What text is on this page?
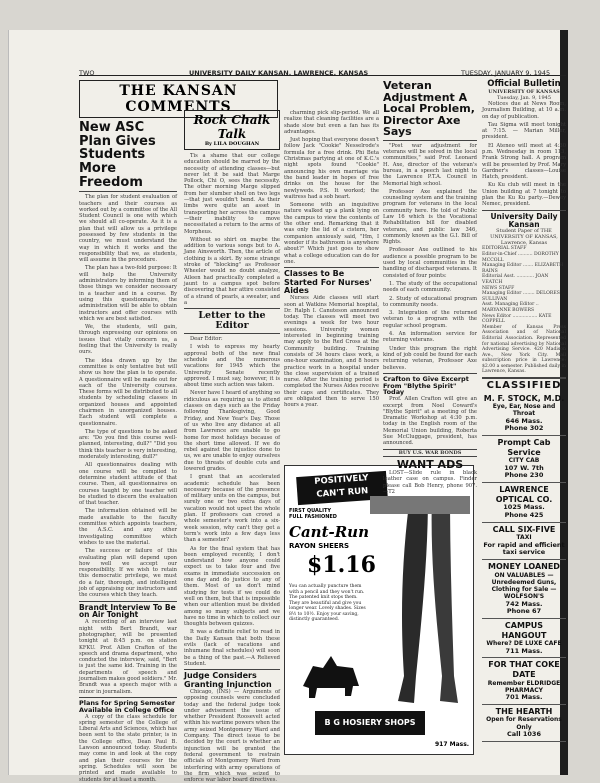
TWO	UNIVERSITY DAILY KANSAN, LAWRENCE, KANSAS	TUESDAY, JANUARY 9, 1945
THE KANSAN COMMENTS
New ASC Plan Gives Students More Freedom

The plan for student evaluation of teachers and their courses as worked out by a committee of the All Student Council is one with which we should all co-operate. As it is a plan that will allow us a privilege possessed by few students in the country, we must understand the way in which it works and the responsibility that we, as students, will assume in the procedure.

The plan has a two-fold purpose: It will help the University administrators by informing them of those things we consider necessary in a teacher and in a course. By using this questionnaire, the administration will be able to obtain instructors and offer courses with which we are best satisfied.

We, the students, will gain, through expressing our opinions on issues that vitally concern us, a feeling that the University is really ours.

The idea drawn up by the committee is only tentative but will show us how the plan is to operate. A questionnaire will be made out for each of the University courses. These forms will be distributed to all students by scheduling classes in organized houses and appointed chairmen in unorganized houses. Each student will complete a questionnaire.

The type of questions to be asked are: "Do you find this course well-planned, interesting, dull?" "Did you think this teacher is very interesting, moderately interesting, dull?"

All questionnaires dealing with one course will be compiled to determine student attitude of that course. Then, all questionnaires on courses taught by one teacher will be studied to discern the evaluation of that teacher.

The information obtained will be made available to the faculty committee which appoints teachers, the A.S.C. and any other investigating committee which wishes to use the material.

The success or failure of this evaluating plan will depend upon how well we accept our responsibility. If we wish to retain this democratic privilege, we must do a fair, thorough, and intelligent job of appraising our instructors and the courses which they teach.

Brandt Interview To Be on Air Tonight

A recording of an interview last night with Bert Brandt, war photographer, will be presented tonight at 8:45 p.m. on station KFKU. Prof. Allen Crafton of the speech and drama department, who conducted the interview, said, "Bert is just the same kid. Training in the departments of speech and journalism makes good soldiers." Mr. Brandt was a speech major with a minor in journalism.

Plans for Spring Semester Available in College Office

A copy of the class schedule for spring semester of the College of Liberal Arts and Sciences, which has been sent to the state printer, is in the College office, Dean Paul B. Lawson announced today. Students may come in and look at the copy and plan their courses for the spring. Schedules will soon be printed and made available to students for at least a month.

Rock Chalk Talk
By LILA DOUGHAN

Tis a shame that our college education should be marred by the necessity of attending classes—but never let it be said that Marge Pollock, Chi O, sees the necessity. The other morning Marge slipped from her slumber shell on two legs—that just wouldn't bend. As their limbs were quite an asset in transporting her across the campus—their inability to move necessitated a return to the arms of Morpheus.

Without so shirt on maybe the addition to various songs but to A. Jane Ainsworth. Then, the article of clothing is a skirt. By some strange stroke of "blocking" as Professor Wheeler would no doubt analyze, Aileen had practically completed a jaunt to a campus spot before discovering that her attire consisted of a strand of pearls, a sweater, and a

Letter to the Editor

Dear Editor:

I wish to express my hearty approval both of the new final schedule and the numerous vacations for 1945 which the University Senate recently approved. I must say, however, it is about time such action was taken.

Never have I heard of anything so ridiculous as requiring us to attend classes on days such as the Friday following Thanksgiving, Good Friday, and New Year's Day. Those of us who live any distance at all from Lawrence are unable to go home for most holidays because of the short time allowed. If we do rebel against the injustice done to us, we are unable to enjoy ourselves due to threats of double cuts and lowered grades.

I grant that an accelerated academic schedule has been necessary because of the presence of military units on the campus, but surely one or two extra days of vacation would not upset the whole plan. If professors can crowd a whole semester's work into a six-week session, why can't they get a term's work into a few days less than a semester?

As for the final system that has been employed recently, I don't understand how anyone could expect us to take four and five exams in immediate succession on one day and do justice to any of them. Most of us don't mind studying for tests if we could do well on them, but that is impossible when our attention must be divided among so many subjects and we have no time in which to collect our thoughts between quizzes.

It was a definite relief to read in the Daily Kansan that both these evils (lack of vacations and inhumane final schedules) will soon be a thing of the past.—A Relieved Student.

Judge Considers Granting Injunction

Chicago, (INS) — Arguments of opposing counsels were concluded today and the federal judge took under advisement the issue of whether President Roosevelt acted within his wartime powers when the army seized Montgomery Ward and Company. The direct issue to be decided by the court is whether an injunction will be granted the federal government to restrain officials of Montgomery Ward from interfering with army operations of the firm which was seized to enforce war labor board directives.

charming pick slip-period. We all realize that cleaning facilities are a shade slow but even a fan has its advantages.

Just hoping that everyone doesn't follow Jack "Cookie" Nesselrode's formula for a free drink. Phi Beta Christmas partying at one of K.C.'s night spots found "Cookie" announcing his own marriage via the band leader in hopes of free drinks on the house for the newlyweds. P.S. It worked; the waitress had a sob heart.

Someone with an inquisitive nature walked up a plank lying on the campus to view the contents of the other end. Remarking that it was only the lid of a cistern, her companion anxiously said, "Hm, I wonder if its bathroom is anywhere about?" Which just goes to show what a college education can do for one.

Classes to Be Started For Nurses' Aides

Nurses Aide classes will start soon at Watkins Memorial hospital, Dr. Ralph I. Canuteson announced today. The classes will meet two evenings a week for two hour sessions. University women interested in beginning training may apply to the Red Cross at the Community building. Training consists of 34 hours class work, a one-hour examination, and 8 hours practice work in a hospital under the close supervision of a trained nurse. After the training period is completed the Nurses Aides receive their caps and certificates. They are obligated then to serve 150 hours a year.

POSITIVELY
CAN'T RUN
FIRST QUALITY
FULL FASHIONED
Cant-Run
RAYON SHEERS
$1.16
You can actually puncture them with a pencil and they won't run. The patented knit stops them. They are beautiful and give you longer wear. Lovely shades. Sizes 8½ to 10½. Enjoy your saving, distinctly guaranteed.
B G HOSIERY SHOPS
917 Mass.
Veteran Adjustment A Local Problem, Director Axe Says

"Post war adjustment for veterans will be solved in the local communities," said Prof. Leonard H. Axe, director of the veteran's bureau, in a speech last night to the Lawrence P.T.A. Council in Memorial high school.

Professor Axe explained the counseling system and the training program for veterans in the local community here. He told of Public Law 16 which is the Vocational Rehabilitation bill for disabled veterans, and public law 346, commonly known as the G.I. Bill of Rights.

Professor Axe outlined to his audience a possible program to be used by local communities in the handling of discharged veterans. It consisted of four points:

1. The study of the occupational needs of each community.

2. Study of educational program to community needs.

3. Integration of the returned veteran to a program with the regular school program.

4. An information service for returning veterans.

Under this program the right kind of job could be found for each returning veteran, Professor Axe believes.

Crafton to Give Excerpt From "Blythe Spirit" Today

Prof. Allen Crafton will give an excerpt from Noel Coward's "Blythe Spirit" at a meeting of the Dramatic Workshop at 4:30 p.m. today in the English room of the Memorial Union building, Roberta Sue McCluggage, president, has announced.

BUY U.S. WAR BONDS
WANT ADS

LOST—Slide rule in black leather case on campus. Finder please call Bob Henry, phone 907. —T2

Official Bulletin
UNIVERSITY OF KANSAS
Tuesday, Jan. 9, 1945

Notices due at News Room, Journalism Building, at 10 a.m. on day of publication.

Tau Sigma will meet tonight at 7:15. — Marian Miller, president.

El Ateneo will meet at 4:30 p.m. Wednesday in room 113, Frank Strong hall. A program will be presented by Prof. Mary Gardner's classes—Louise Hatch, president.

Ku Ku club will meet in the Union building at 7 tonight to plan the Ku Ku party.—Dewey Nemec, president.

University Daily Kansan
Student Paper of THE UNIVERSITY OF KANSAS, Lawrence, Kansas
EDITORIAL STAFF
Editor-in-Chief .......... DOROTHY MCCOLL
Managing Editor ....... ELIZABETH RAINS
Editorial Asst. ............ JOAN VEATCH
NEWS STAFF
Managing Editor ........ DELORES SULLIVAN
Asst. Managing Editor .. MARYANNE BOWERS
News Editor ................. KATE COPPELL

Member of Kansas Press Association and of National Editorial Association. Represented for national advertising by National Advertising Service. 420 Madison Ave., New York City. Mail subscription price in Lawrence: $2.00 a semester. Published daily in Lawrence, Kansas.

CLASSIFIED
M. F. STOCK, M.D.
Eye, Ear, Nose and Throat
646 Mass.
Phone 302
Prompt Cab Service
CITY CAB
107 W. 7th
Phone 230
LAWRENCE OPTICAL CO.
1025 Mass.
Phone 425
CALL SIX-FIVE
TAXI
For rapid and efficient
taxi service
MONEY LOANED
ON VALUABLES — Unredeemed Guns, Clothing for Sale — WOLFSON'S
742 Mass.
Phone 67
CAMPUS HANGOUT
Where? DE LUXE CAFE
711 Mass.
FOR THAT COKE DATE
Remember ELDRIDGE PHARMACY
701 Mass.
THE HEARTH
Open for Reservations Only
Call 1036
